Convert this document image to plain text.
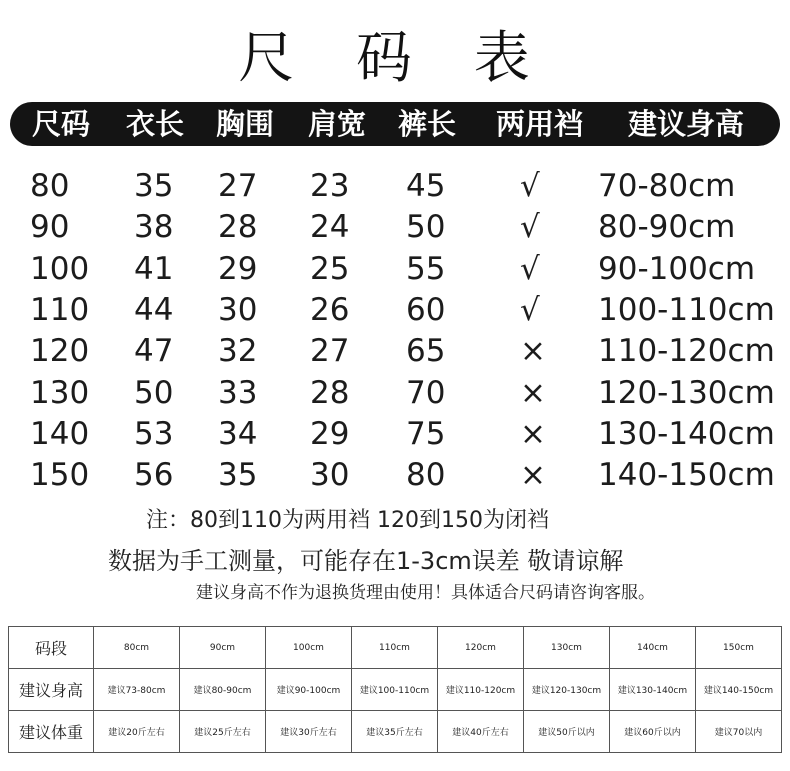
尺 码 表
尺码 衣长 胸围 肩宽 裤长 两用裆 建议身高
80 35 27 23 45 √ 70-80cm
90 38 28 24 50 √ 80-90cm
100 41 29 25 55 √ 90-100cm
110 44 30 26 60 √ 100-110cm
120 47 32 27 65 × 110-120cm
130 50 33 28 70 × 120-130cm
140 53 34 29 75 × 130-140cm
150 56 35 30 80 × 140-150cm
注：80到110为两用裆 120到150为闭裆
数据为手工测量，可能存在1-3cm误差 敬请谅解
建议身高不作为退换货理由使用！具体适合尺码请咨询客服。
码段	80cm	90cm	100cm	110cm	120cm	130cm	140cm	150cm
建议身高	建议73-80cm	建议80-90cm	建议90-100cm	建议100-110cm	建议110-120cm	建议120-130cm	建议130-140cm	建议140-150cm
建议体重	建议20斤左右	建议25斤左右	建议30斤左右	建议35斤左右	建议40斤左右	建议50斤以内	建议60斤以内	建议70以内
